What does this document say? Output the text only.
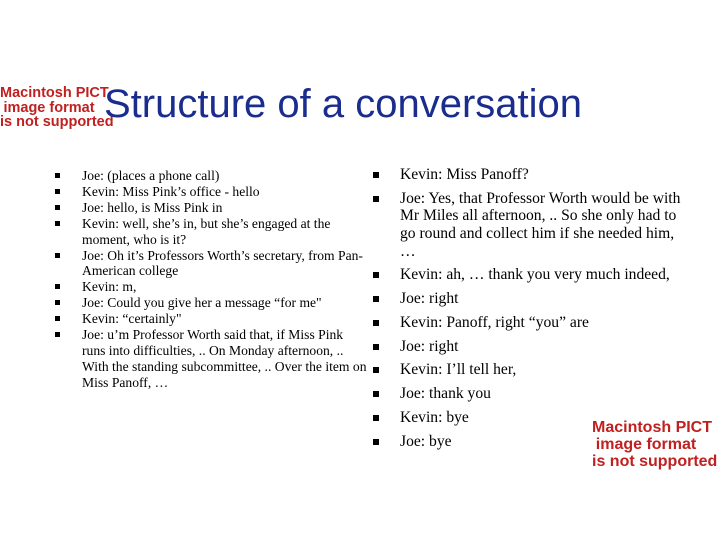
Macintosh PICT
image format
is not supported
Structure of a conversation
Joe: (places a phone call)
Kevin: Miss Pink’s office - hello
Joe: hello, is Miss Pink in
Kevin: well, she’s in, but she’s engaged at the moment, who is it?
Joe: Oh it’s Professors Worth’s secretary, from Pan-American college
Kevin: m,
Joe: Could you give her a message “for me"
Kevin: “certainly"
Joe: u’m Professor Worth said that, if Miss Pink runs into difficulties, .. On Monday afternoon, .. With the standing subcommittee, .. Over the item on Miss Panoff, …
Kevin: Miss Panoff?
Joe: Yes, that Professor Worth would be with Mr Miles all afternoon, .. So she only had to go round and collect him if she needed him, …
Kevin: ah, … thank you very much indeed,
Joe: right
Kevin: Panoff, right “you” are
Joe: right
Kevin: I’ll tell her,
Joe: thank you
Kevin: bye
Joe: bye
Macintosh PICT
image format
is not supported
